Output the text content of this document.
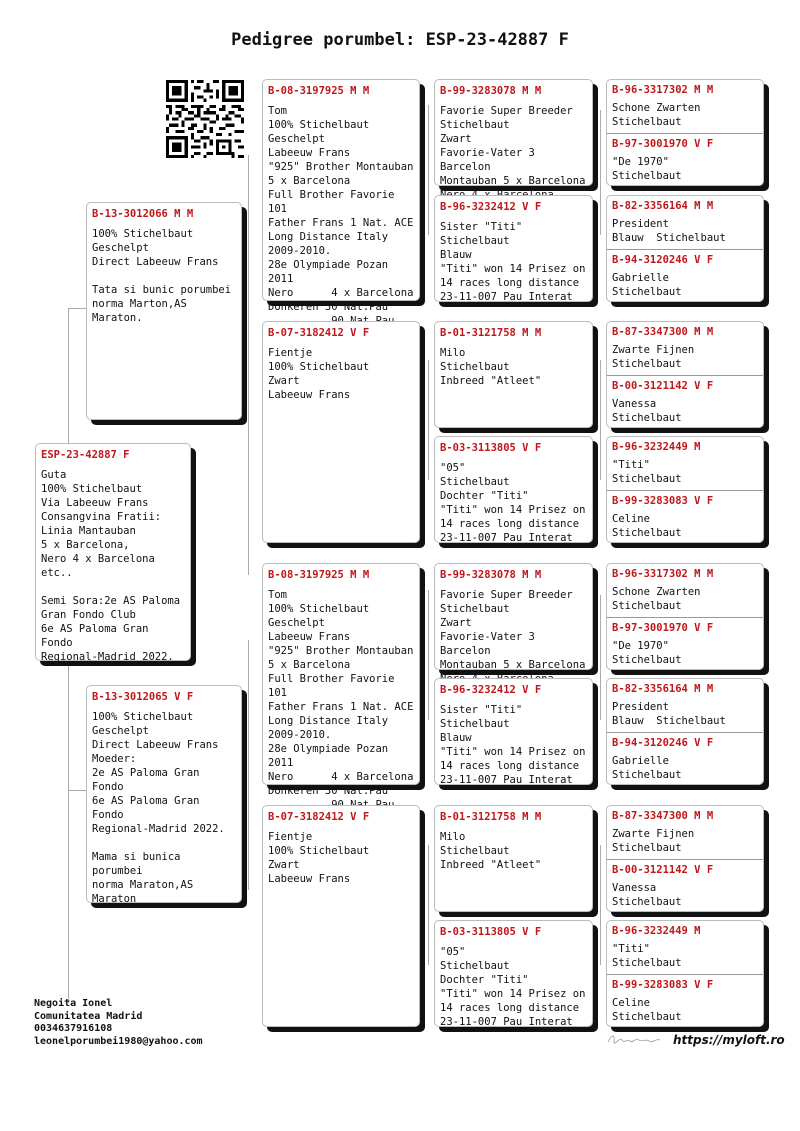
Pedigree porumbel: ESP-23-42887 F
ESP-23-42887 F
Guta
100% Stichelbaut
Via Labeeuw Frans
Consangvina Fratii:
Linia Mantauban
5 x Barcelona,
Nero 4 x Barcelona etc..

Semi Sora:2e AS Paloma
Gran Fondo Club
6e AS Paloma Gran Fondo
Regional-Madrid 2022.
B-13-3012066 M M
100% Stichelbaut
Geschelpt
Direct Labeeuw Frans

Tata si bunic porumbei
norma Marton,AS Maraton.
B-13-3012065 V F
100% Stichelbaut
Geschelpt
Direct Labeeuw Frans
Moeder:
2e AS Paloma Gran Fondo
6e AS Paloma Gran Fondo
Regional-Madrid 2022.

Mama si bunica porumbei
norma Maraton,AS Maraton
B-08-3197925 M M
Tom
100% Stichelbaut
Geschelpt
Labeeuw Frans
"925" Brother Montauban
5 x Barcelona
Full Brother Favorie 101
Father Frans 1 Nat. ACE
Long Distance Italy
2009-2010.
28e Olympiade Pozan 2011
Nero      4 x Barcelona
Donkeren 30 Nat.Pau

B-07-3182412 V F
Fientje
100% Stichelbaut
Zwart
Labeeuw Frans
B-08-3197925 M M
Tom
100% Stichelbaut
Geschelpt
Labeeuw Frans
"925" Brother Montauban
5 x Barcelona
Full Brother Favorie 101
Father Frans 1 Nat. ACE
Long Distance Italy
2009-2010.
28e Olympiade Pozan 2011
Nero      4 x Barcelona
Donkeren 30 Nat.Pau

B-07-3182412 V F
Fientje
100% Stichelbaut
Zwart
Labeeuw Frans
B-99-3283078 M M
Favorie Super Breeder
Stichelbaut
Zwart
Favorie-Vater 3 Barcelon
Montauban 5 x Barcelona

B-96-3232412 V F
Sister "Titi"
Stichelbaut
Blauw
"Titi" won 14 Prisez on
14 races long distance
23-11-007 Pau Interat
B-01-3121758 M M
Milo
Stichelbaut
Inbreed "Atleet"
B-03-3113805 V F
"05"
Stichelbaut
Dochter "Titi"
"Titi" won 14 Prisez on
14 races long distance
23-11-007 Pau Interat
B-99-3283078 M M
Favorie Super Breeder
Stichelbaut
Zwart
Favorie-Vater 3 Barcelon
Montauban 5 x Barcelona

B-96-3232412 V F
Sister "Titi"
Stichelbaut
Blauw
"Titi" won 14 Prisez on
14 races long distance
23-11-007 Pau Interat
B-01-3121758 M M
Milo
Stichelbaut
Inbreed "Atleet"
B-03-3113805 V F
"05"
Stichelbaut
Dochter "Titi"
"Titi" won 14 Prisez on
14 races long distance
23-11-007 Pau Interat
B-96-3317302 M M
Schone Zwarten
Stichelbaut
B-97-3001970 V F
"De 1970"
Stichelbaut
B-82-3356164 M M
President
Blauw  Stichelbaut
B-94-3120246 V F
Gabrielle
Stichelbaut
B-87-3347300 M M
Zwarte Fijnen
Stichelbaut
B-00-3121142 V F
Vanessa
Stichelbaut
B-96-3232449 M
"Titi"
Stichelbaut
B-99-3283083 V F
Celine
Stichelbaut
B-96-3317302 M M
Schone Zwarten
Stichelbaut
B-97-3001970 V F
"De 1970"
Stichelbaut
B-82-3356164 M M
President
Blauw  Stichelbaut
B-94-3120246 V F
Gabrielle
Stichelbaut
B-87-3347300 M M
Zwarte Fijnen
Stichelbaut
B-00-3121142 V F
Vanessa
Stichelbaut
B-96-3232449 M
"Titi"
Stichelbaut
B-99-3283083 V F
Celine
Stichelbaut
Negoita Ionel
Comunitatea Madrid
0034637916108
leonelporumbei1980@yahoo.com	https://myloft.ro
